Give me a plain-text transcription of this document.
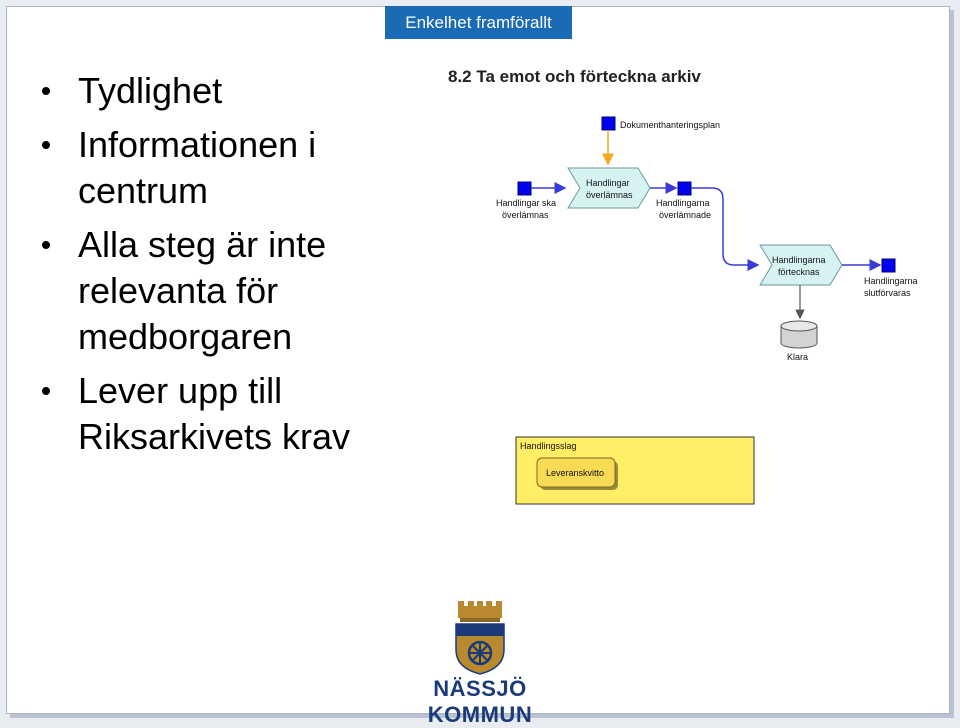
Enkelhet framförallt
Tydlighet
Informationen i centrum
Alla steg är inte relevanta för medborgaren
Lever upp till Riksarkivets krav
8.2 Ta emot och förteckna arkiv
Dokumenthanteringsplan
Handlingar ska överlämnas
Handlingar överlämnas
Handlingarna överlämnade
Handlingarna förtecknas
Handlingarna slutförvaras
Klara
Handlingsslag
Leveranskvitto
NÄSSJÖ KOMMUN
